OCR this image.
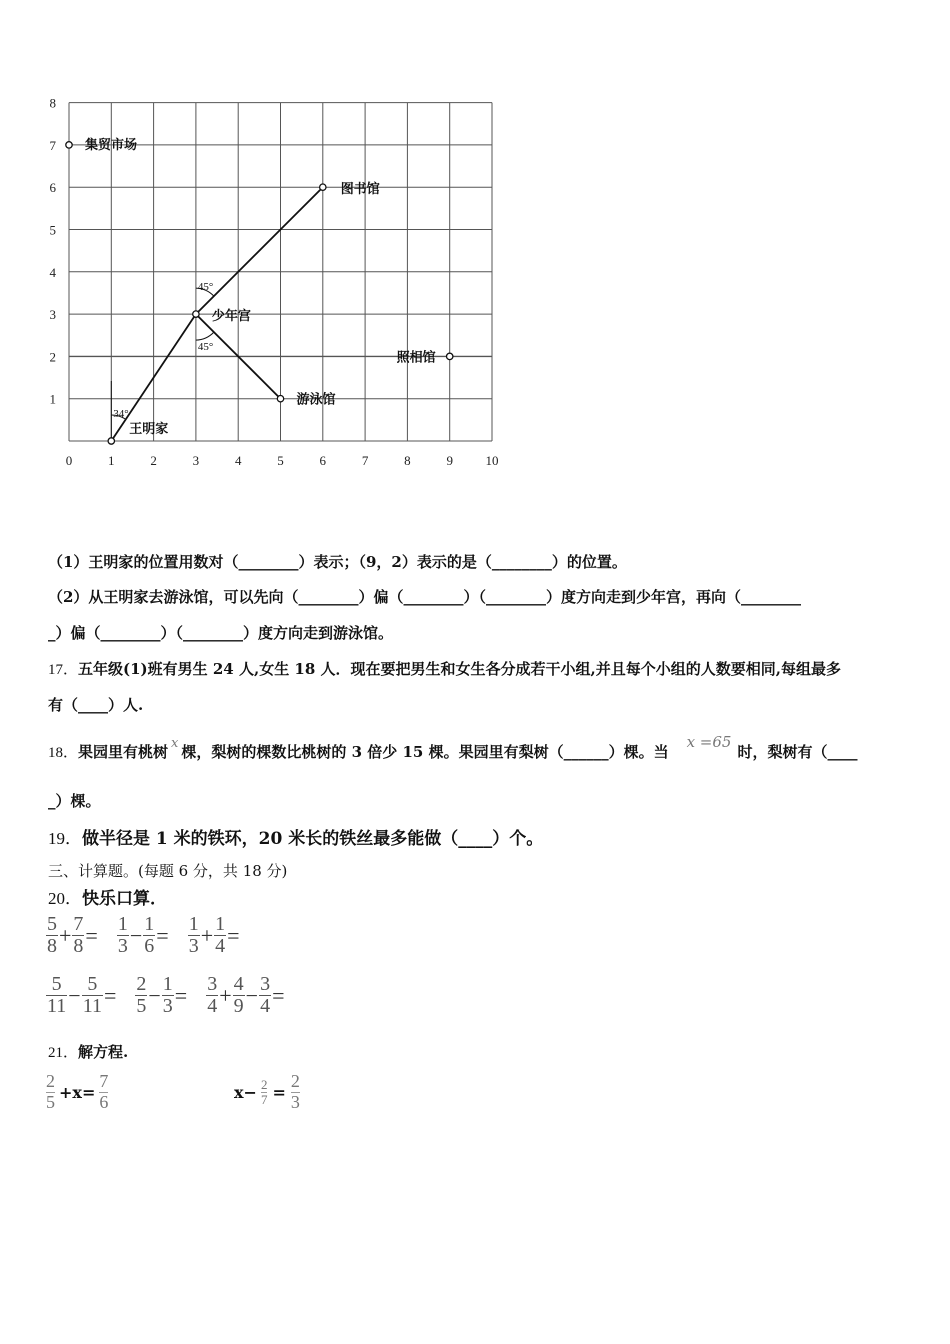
0	1	2	3	4	5	6	7	8	9	10
1
2
3
4
5
6
7
8
34°
45°
45°
集贸市场
图书馆
少年宫
照相馆
游泳馆
王明家
（1）王明家的位置用数对（________）表示；（9，2）表示的是（________）的位置。
（2）从王明家去游泳馆，可以先向（________）偏（________）（________）度方向走到少年宫，再向（________
_）偏（________）（________）度方向走到游泳馆。
17．五年级(1)班有男生 24 人,女生 18 人．现在要把男生和女生各分成若干小组,并且每个小组的人数要相同,每组最多
有（____）人.
18．果园里有桃树 x 棵，梨树的棵数比桃树的 3 倍少 15 棵。果园里有梨树（______）棵。当x =65时，梨树有（____
_）棵。
19．做半径是 1 米的铁环，20 米长的铁丝最多能做（____）个。
三、计算题。(每题 6 分，共 18 分)
20．快乐口算．
$\frac{5}{8} + \frac{7}{8} = \frac{1}{3} - \frac{1}{6} = \frac{1}{3} + \frac{1}{4}$ =
$\frac{5}{11} - \frac{5}{11} = \frac{2}{5} - \frac{1}{3} = \frac{3}{4} + \frac{4}{9} - \frac{3}{4}$ =
21．解方程.
2
$5 +x= \frac{7}{6}$	$x- \frac{2}{7} = \frac{2}{3}$
